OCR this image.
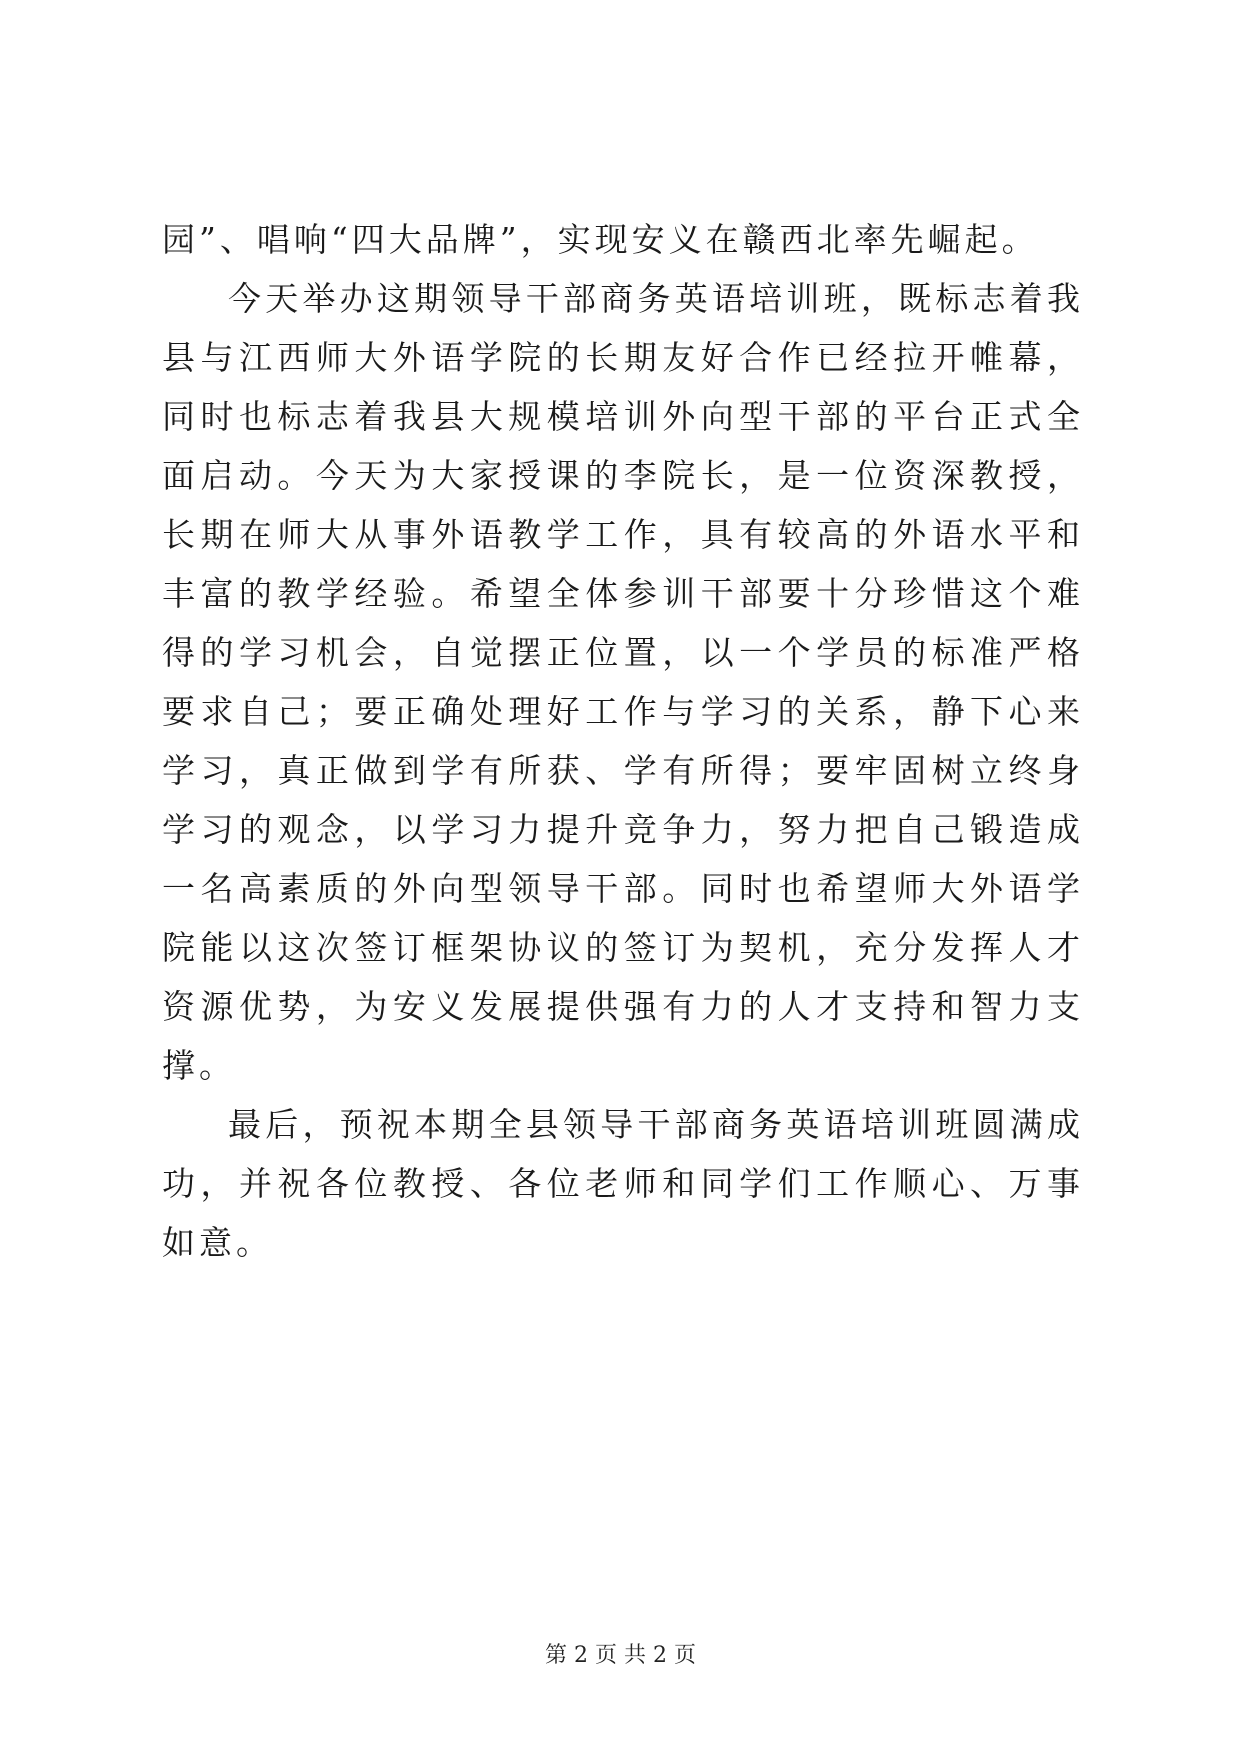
园”、唱响“四大品牌”，实现安义在赣西北率先崛起。

今天举办这期领导干部商务英语培训班，既标志着我县与江西师大外语学院的长期友好合作已经拉开帷幕，同时也标志着我县大规模培训外向型干部的平台正式全面启动。今天为大家授课的李院长，是一位资深教授，长期在师大从事外语教学工作，具有较高的外语水平和丰富的教学经验。希望全体参训干部要十分珍惜这个难得的学习机会，自觉摆正位置，以一个学员的标准严格要求自己；要正确处理好工作与学习的关系，静下心来学习，真正做到学有所获、学有所得；要牢固树立终身学习的观念，以学习力提升竞争力，努力把自己锻造成一名高素质的外向型领导干部。同时也希望师大外语学院能以这次签订框架协议的签订为契机，充分发挥人才资源优势，为安义发展提供强有力的人才支持和智力支撑。

最后，预祝本期全县领导干部商务英语培训班圆满成功，并祝各位教授、各位老师和同学们工作顺心、万事如意。

第 2 页 共 2 页
